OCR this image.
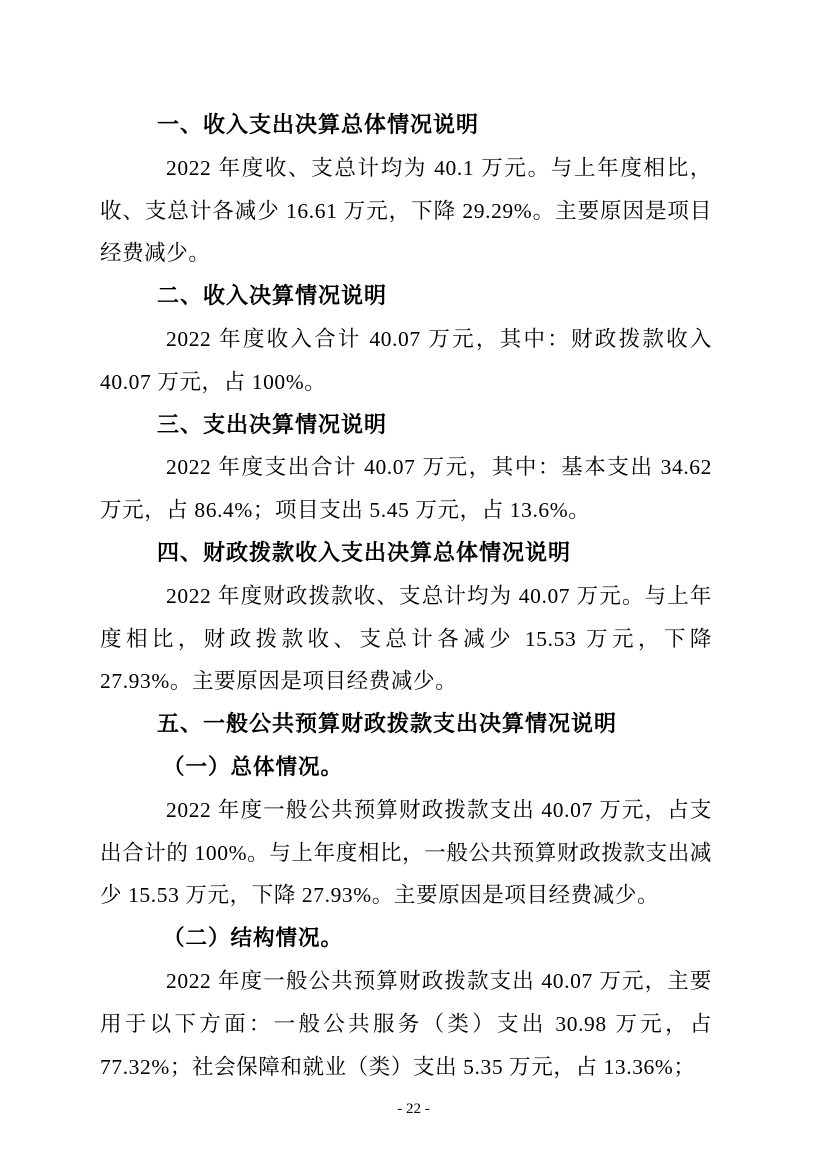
一、收入支出决算总体情况说明
2022 年度收、支总计均为 40.1 万元。与上年度相比，收、支总计各减少 16.61 万元，下降 29.29%。主要原因是项目经费减少。
二、收入决算情况说明
2022 年度收入合计 40.07 万元，其中：财政拨款收入 40.07 万元，占 100%。
三、支出决算情况说明
2022 年度支出合计 40.07 万元，其中：基本支出 34.62 万元，占 86.4%；项目支出 5.45 万元，占 13.6%。
四、财政拨款收入支出决算总体情况说明
2022 年度财政拨款收、支总计均为 40.07 万元。与上年度相比，财政拨款收、支总计各减少 15.53 万元，下降 27.93%。主要原因是项目经费减少。
五、一般公共预算财政拨款支出决算情况说明
（一）总体情况。
2022 年度一般公共预算财政拨款支出 40.07 万元，占支出合计的 100%。与上年度相比，一般公共预算财政拨款支出减少 15.53 万元，下降 27.93%。主要原因是项目经费减少。
（二）结构情况。
2022 年度一般公共预算财政拨款支出 40.07 万元，主要用于以下方面：一般公共服务（类）支出 30.98 万元，占 77.32%；社会保障和就业（类）支出 5.35 万元，占 13.36%；
- 22 -
